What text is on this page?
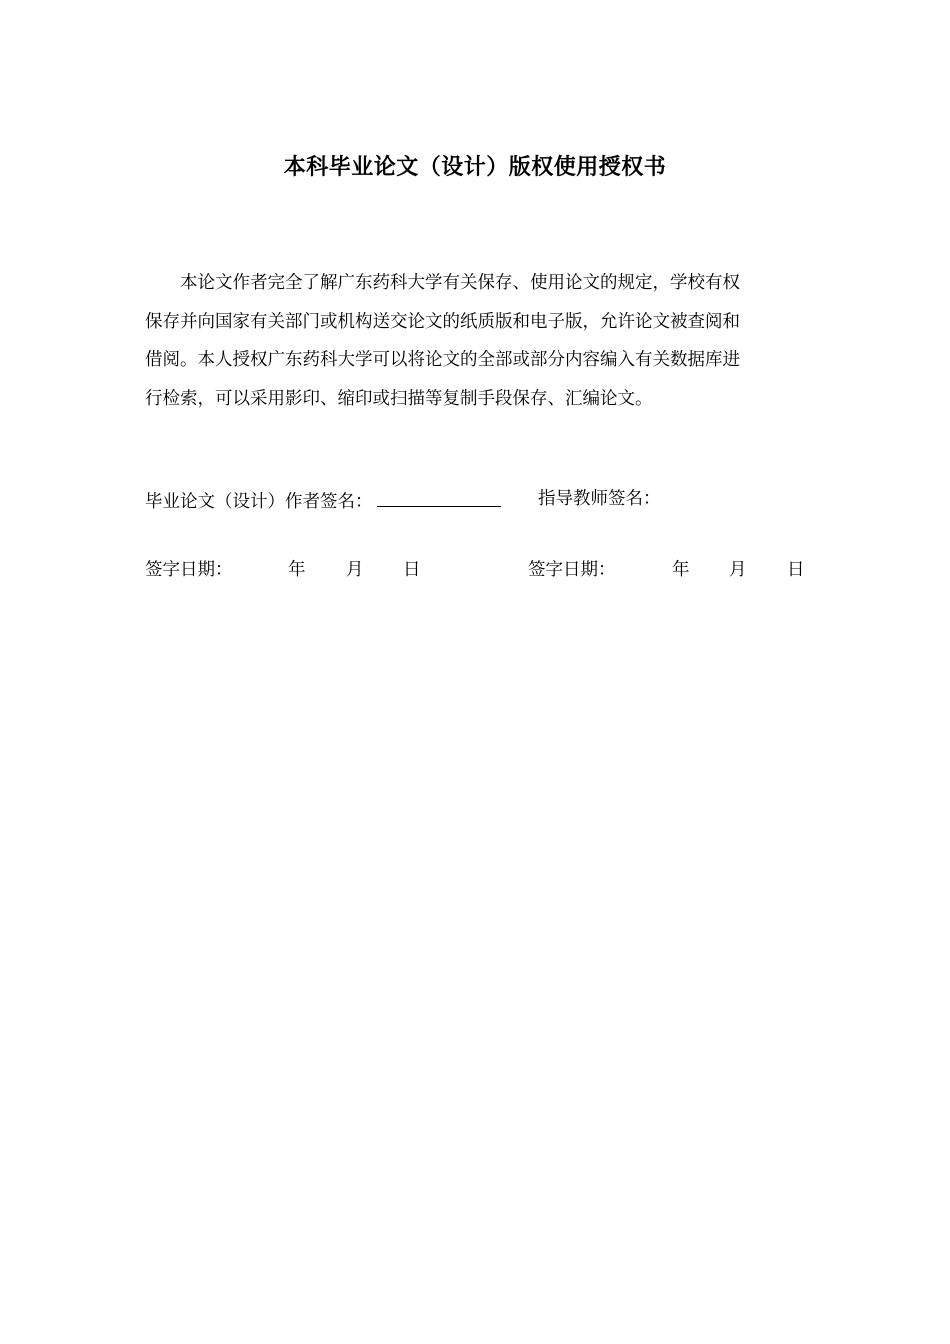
本科毕业论文（设计）版权使用授权书
本论文作者完全了解广东药科大学有关保存、使用论文的规定，学校有权
保存并向国家有关部门或机构送交论文的纸质版和电子版，允许论文被查阅和
借阅。本人授权广东药科大学可以将论文的全部或部分内容编入有关数据库进
行检索，可以采用影印、缩印或扫描等复制手段保存、汇编论文。
毕业论文（设计）作者签名：	指导教师签名：
签字日期：	年 月 日	签字日期：	年 月 日
